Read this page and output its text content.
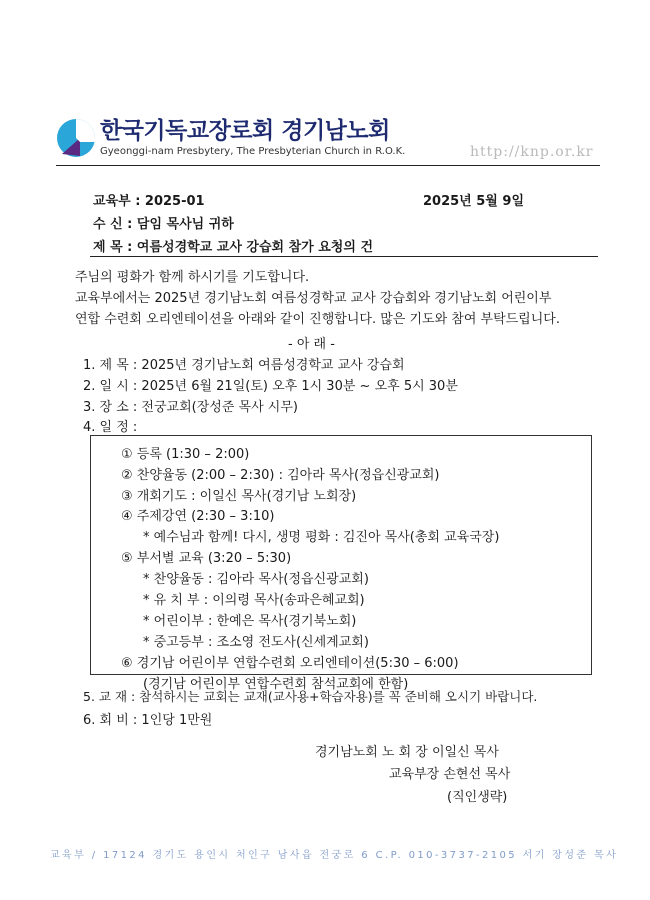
한국기독교장로회 경기남노회
Gyeonggi-nam Presbytery, The Presbyterian Church in R.O.K.	http://knp.or.kr
교육부 : 2025-01	2025년 5월 9일
수 신 : 담임 목사님 귀하
제 목 : 여름성경학교 교사 강습회 참가 요청의 건
주님의 평화가 함께 하시기를 기도합니다.
교육부에서는 2025년 경기남노회 여름성경학교 교사 강습회와 경기남노회 어린이부
연합 수련회 오리엔테이션을 아래와 같이 진행합니다. 많은 기도와 참여 부탁드립니다.
- 아 래 -
1. 제 목 : 2025년 경기남노회 여름성경학교 교사 강습회
2. 일 시 : 2025년 6월 21일(토) 오후 1시 30분 ~ 오후 5시 30분
3. 장 소 : 전궁교회(장성준 목사 시무)
4. 일 정 :
① 등록 (1:30 – 2:00)
② 찬양율동 (2:00 – 2:30) : 김아라 목사(정읍신광교회)
③ 개회기도 : 이일신 목사(경기남 노회장)
④ 주제강연 (2:30 – 3:10)
* 예수님과 함께! 다시, 생명 평화 : 김진아 목사(총회 교육국장)
⑤ 부서별 교육 (3:20 – 5:30)
* 찬양율동 : 김아라 목사(정읍신광교회)
* 유 치 부 : 이의령 목사(송파은혜교회)
* 어린이부 : 한예은 목사(경기북노회)
* 중고등부 : 조소영 전도사(신세계교회)
⑥ 경기남 어린이부 연합수련회 오리엔테이션(5:30 – 6:00)
(경기남 어린이부 연합수련회 참석교회에 한함)
5. 교 재 : 참석하시는 교회는 교재(교사용+학습자용)를 꼭 준비해 오시기 바랍니다.
6. 회 비 : 1인당 1만원
경기남노회 노 회 장 이일신 목사
교육부장 손현선 목사
(직인생략)
교육부 / 17124 경기도 용인시 처인구 남사읍 전궁로 6 C.P. 010-3737-2105 서기 장성준 목사
